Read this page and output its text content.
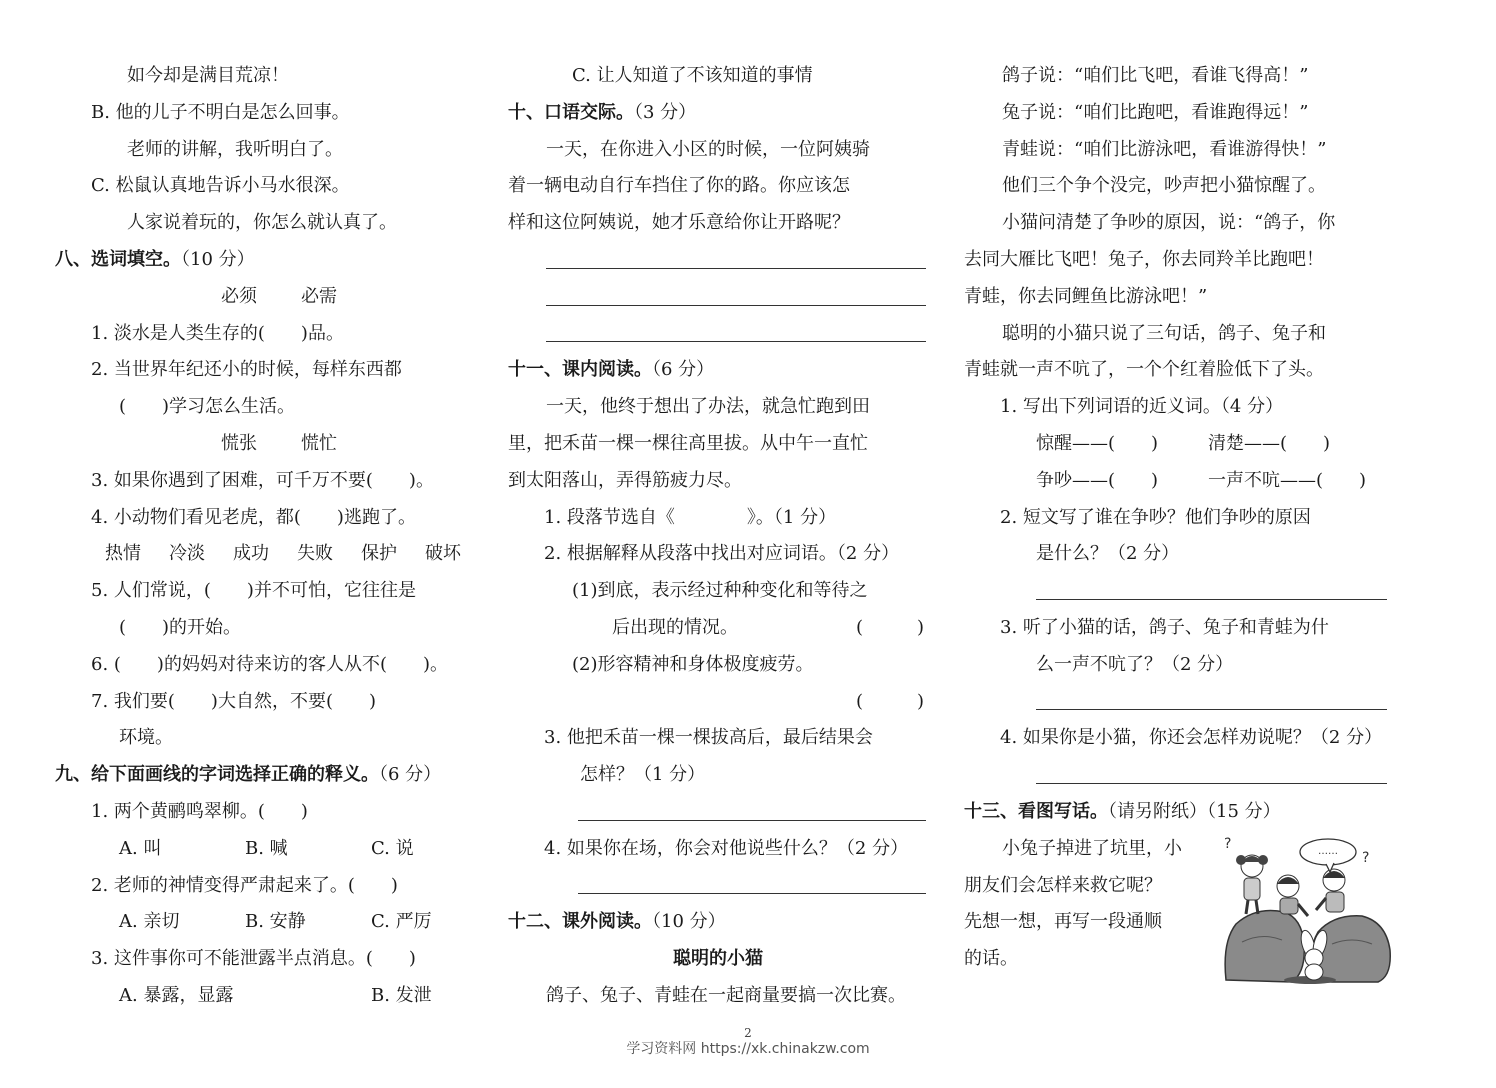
如今却是满目荒凉！
B. 他的儿子不明白是怎么回事。
老师的讲解，我听明白了。
C. 松鼠认真地告诉小马水很深。
人家说着玩的，你怎么就认真了。
八、选词填空。（10 分）
必须 必需
1. 淡水是人类生存的(　　)品。
2. 当世界年纪还小的时候，每样东西都
(　　)学习怎么生活。
慌张 慌忙
3. 如果你遇到了困难，可千万不要(　　)。
4. 小动物们看见老虎，都(　　)逃跑了。
热情 冷淡 成功 失败 保护 破坏
5. 人们常说，(　　)并不可怕，它往往是
(　　)的开始。
6. (　　)的妈妈对待来访的客人从不(　　)。
7. 我们要(　　)大自然，不要(　　)
环境。
九、给下面画线的字词选择正确的释义。（6 分）
1. 两个黄鹂鸣翠柳。(　　)
A. 叫	B. 喊	C. 说
2. 老师的神情变得严肃起来了。(　　)
A. 亲切	B. 安静	C. 严厉
3. 这件事你可不能泄露半点消息。(　　)
A. 暴露，显露	B. 发泄
C. 让人知道了不该知道的事情
十、口语交际。（3 分）
一天，在你进入小区的时候，一位阿姨骑
着一辆电动自行车挡住了你的路。你应该怎
样和这位阿姨说，她才乐意给你让开路呢？
十一、课内阅读。（6 分）
一天，他终于想出了办法，就急忙跑到田
里，把禾苗一棵一棵往高里拔。从中午一直忙
到太阳落山，弄得筋疲力尽。
1. 段落节选自《　　　　》。（1 分）
2. 根据解释从段落中找出对应词语。（2 分）
(1)到底，表示经过种种变化和等待之
后出现的情况。	(　　　)
(2)形容精神和身体极度疲劳。
(　　　)
3. 他把禾苗一棵一棵拔高后，最后结果会
怎样？（1 分）
4. 如果你在场，你会对他说些什么？（2 分）
十二、课外阅读。（10 分）
聪明的小猫
鸽子、兔子、青蛙在一起商量要搞一次比赛。
鸽子说：“咱们比飞吧，看谁飞得高！”
兔子说：“咱们比跑吧，看谁跑得远！”
青蛙说：“咱们比游泳吧，看谁游得快！”
他们三个争个没完，吵声把小猫惊醒了。
小猫问清楚了争吵的原因，说：“鸽子，你
去同大雁比飞吧！兔子，你去同羚羊比跑吧！
青蛙，你去同鲤鱼比游泳吧！”
聪明的小猫只说了三句话，鸽子、兔子和
青蛙就一声不吭了，一个个红着脸低下了头。
1. 写出下列词语的近义词。（4 分）
惊醒——(　　)	清楚——(　　)
争吵——(　　)	一声不吭——(　　)
2. 短文写了谁在争吵？他们争吵的原因
是什么？（2 分）
3. 听了小猫的话，鸽子、兔子和青蛙为什
么一声不吭了？（2 分）
4. 如果你是小猫，你还会怎样劝说呢？（2 分）
十三、看图写话。（请另附纸）（15 分）
小兔子掉进了坑里，小
朋友们会怎样来救它呢？
先想一想，再写一段通顺
的话。
……
?
?
2
学习资料网 https://xk.chinakzw.com
